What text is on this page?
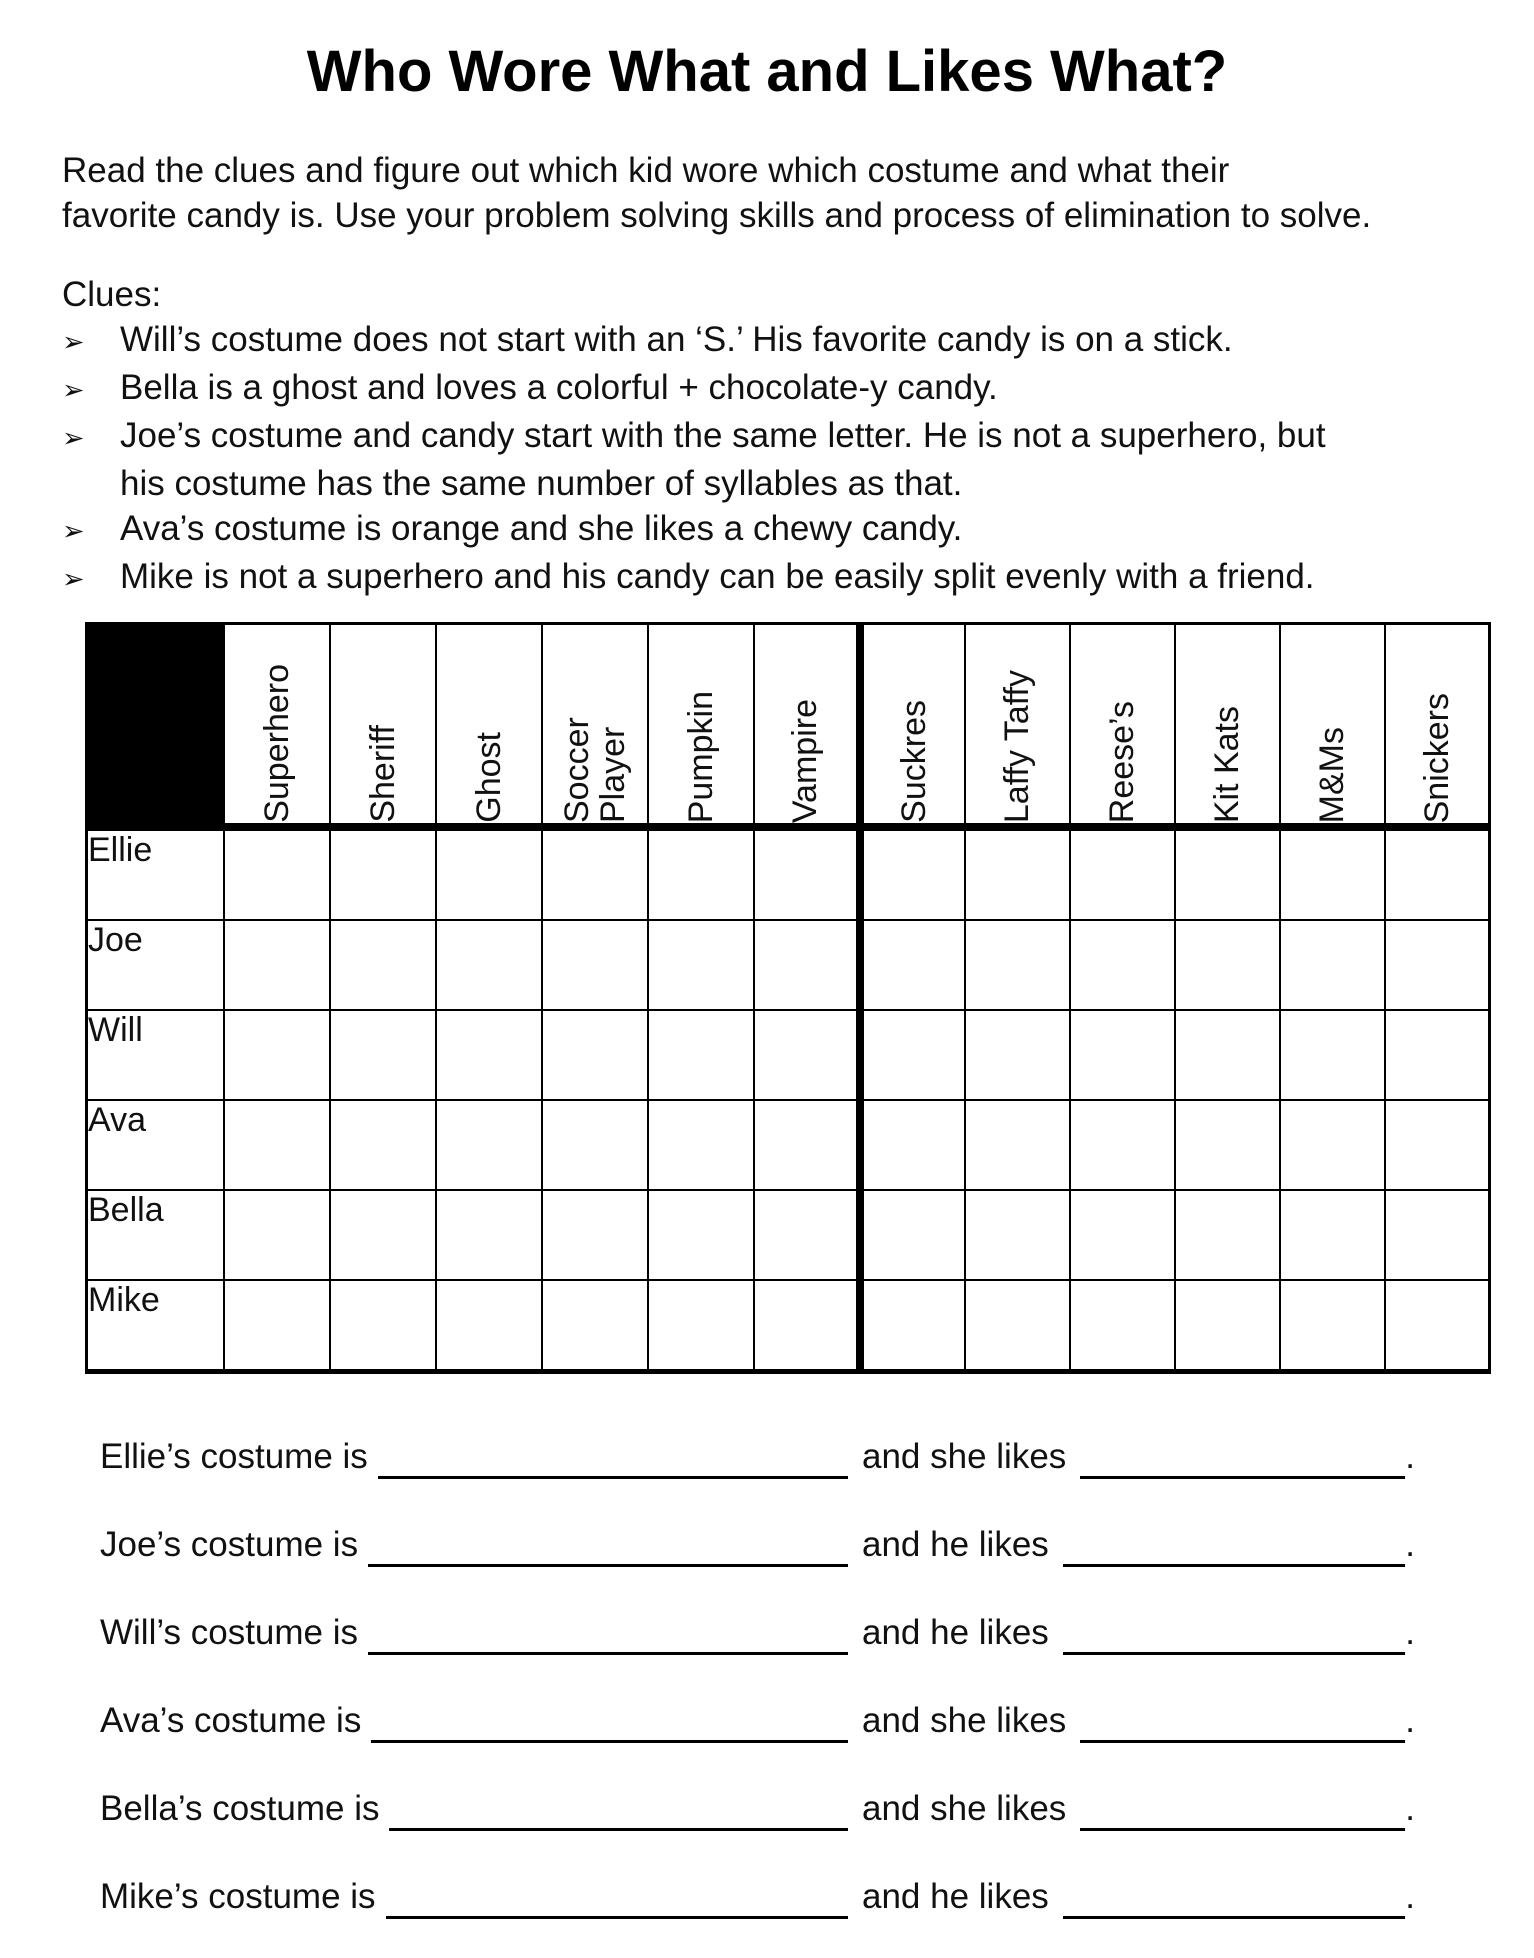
Who Wore What and Likes What?
Read the clues and figure out which kid wore which costume and what their
favorite candy is. Use your problem solving skills and process of elimination to solve.
Clues:
➢	Will’s costume does not start with an ‘S.’ His favorite candy is on a stick.
➢	Bella is a ghost and loves a colorful + chocolate-y candy.
➢	Joe’s costume and candy start with the same letter. He is not a superhero, but
his costume has the same number of syllables as that.
➢	Ava’s costume is orange and she likes a chewy candy.
➢	Mike is not a superhero and his candy can be easily split evenly with a friend.
	Superhero	Sheriff	Ghost	Soccer Player	Pumpkin	Vampire	Suckres	Laffy Taffy	Reese’s	Kit Kats	M&Ms	Snickers
Ellie												
Joe												
Will												
Ava												
Bella												
Mike												
Ellie’s costume is	and she likes	.
Joe’s costume is	and he likes	.
Will’s costume is	and he likes	.
Ava’s costume is	and she likes	.
Bella’s costume is	and she likes	.
Mike’s costume is	and he likes	.
